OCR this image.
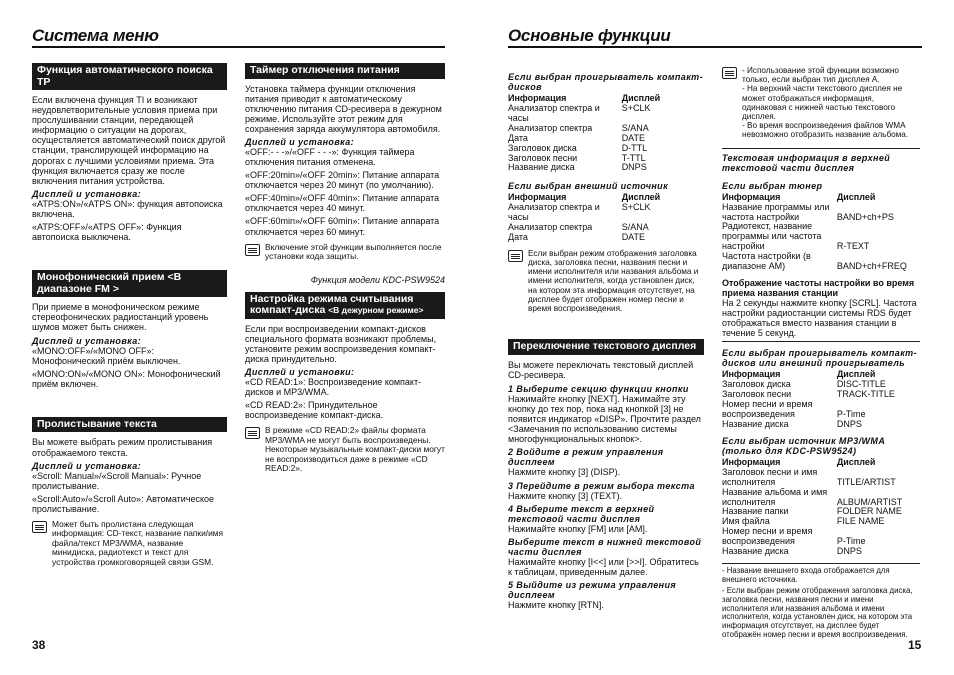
Система меню
Функция автоматического поиска TP

Если включена функция TI и возникают неудовлетворительные условия приема при прослушивании станции, передающей информацию о ситуации на дорогах, осуществляется автоматический поиск другой станции, транслирующей информацию на дорогах с лучшими условиями приема. Эта функция включается сразу же после включения питания устройства.

Дисплей и установка:

«ATPS:ON»/«ATPS ON»: функция автопоиска включена.

«ATPS:OFF»/«ATPS OFF»: Функция автопоиска выключена.

Монофонический прием <В диапазоне FM >

При приеме в монофоническом режиме стереофонических радиостанций уровень шумов может быть снижен.

Дисплей и установка:

«MONO:OFF»/«MONO OFF»: Монофонический приём выключен.

«MONO:ON»/«MONO ON»: Монофонический приём включен.

Пролистывание текста

Вы можете выбрать режим пролистывания отображаемого текста.

Дисплей и установка:

«Scroll: Manual»/«Scroll Manual»: Ручное пролистывание.

«Scroll:Auto»/«Scroll Auto»: Автоматическое пролистывание.

Может быть пролистана следующая информация: CD-текст, название папки/имя файла/текст MP3/WMA, название минидиска, радиотекст и текст для устройства громкоговорящей связи GSM.
Таймер отключения питания

Установка таймера функции отключения питания приводит к автоматическому отключению питания CD-ресивера в дежурном режиме. Используйте этот режим для сохранения заряда аккумулятора автомобиля.

Дисплей и установка:

«OFF:- - -»/«OFF - - -»: Функция таймера отключения питания отменена.

«OFF:20min»/«OFF 20min»: Питание аппарата отключается через 20 минут (по умолчанию).

«OFF:40min»/«OFF 40min»: Питание аппарата отключается через 40 минут.

«OFF:60min»/«OFF 60min»: Питание аппарата отключается через 60 минут.

Включение этой функции выполняется после установки кода защиты.
Функция модели KDC-PSW9524
Настройка режима считывания компакт-диска <В дежурном режиме>

Если при воспроизведении компакт-дисков специального формата возникают проблемы, установите режим воспроизведения компакт-диска принудительно.

Дисплей и установки:

«CD READ:1»: Воспроизведение компакт-дисков и MP3/WMA.

«CD READ:2»: Принудительное воспроизведение компакт-диска.

В режиме «CD READ:2» файлы формата MP3/WMA не могут быть воспроизведены. Некоторые музыкальные компакт-диски могут не воспроизводиться даже в режиме «CD READ:2».
38
Основные функции
Если выбран проигрыватель компакт-дисков
Информация	Дисплей
Анализатор спектра и часы	S+CLK
Анализатор спектра	S/ANA
Дата	DATE
Заголовок диска	D-TTL
Заголовок песни	T-TTL
Название диска	DNPS
Если выбран внешний источник
Информация	Дисплей
Анализатор спектра и часы	S+CLK
Анализатор спектра	S/ANA
Дата	DATE
Если выбран режим отображения заголовка диска, заголовка песни, названия песни и имени исполнителя или названия альбома и имени исполнителя, когда установлен диск, на котором эта информация отсутствует, на дисплее будет отображен номер песни и время воспроизведения.
Переключение текстового дисплея

Вы можете переключать текстовый дисплей CD-ресивера.

1 Выберите секцию функции кнопки

Нажимайте кнопку [NEXT]. Нажимайте эту кнопку до тех пор, пока над кнопкой [3] не появится индикатор «DISP». Прочтите раздел <Замечания по использованию системы многофункциональных кнопок>.

2 Войдите в режим управления дисплеем

Нажмите кнопку [3] (DISP).

3 Перейдите в режим выбора текста

Нажмите кнопку [3] (TEXT).

4 Выберите текст в верхней текстовой части дисплея

Нажимайте кнопку [FM] или [AM].

Выберите текст в нижней текстовой части дисплея

Нажимайте кнопку [I<<] или [>>I]. Обратитесь к таблицам, приведенным далее.

5 Выйдите из режима управления дисплеем

Нажмите кнопку [RTN].

- Использование этой функции возможно только, если выбран тип дисплея A.
- На верхний части текстового дисплея не может отображаться информация, одинаковая с нижней частью текстового дисплея.
- Во время воспроизведения файлов WMA невозможно отобразить название альбома.
Текстовая информация в верхней текстовой части дисплея
Если выбран тюнер
Информация	Дисплей
Название программы или частота настройки	BAND+ch+PS
Радиотекст, название программы или частота настройки	R-TEXT
Частота настройки (в диапазоне AM)	BAND+ch+FREQ
Отображение частоты настройки во время приема названия станции

На 2 секунды нажмите кнопку [SCRL]. Частота настройки радиостанции системы RDS будет отображаться вместо названия станции в течение 5 секунд.

Если выбран проигрыватель компакт-дисков или внешний проигрыватель
Информация	Дисплей
Заголовок диска	DISC-TITLE
Заголовок песни	TRACK-TITLE
Номер песни и время воспроизведения	P-Time
Название диска	DNPS
Если выбран источник MP3/WMA (только для KDC-PSW9524)
Информация	Дисплей
Заголовок песни и имя исполнителя	TITLE/ARTIST
Название альбома и имя исполнителя	ALBUM/ARTIST
Название папки	FOLDER NAME
Имя файла	FILE NAME
Номер песни и время воспроизведения	P-Time
Название диска	DNPS

- Название внешнего входа отображается для внешнего источника.

- Если выбран режим отображения заголовка диска, заголовка песни, названия песни и имени исполнителя или названия альбома и имени исполнителя, когда установлен диск, на котором эта информация отсутствует, на дисплее будет отображён номер песни и время воспроизведения.

15
